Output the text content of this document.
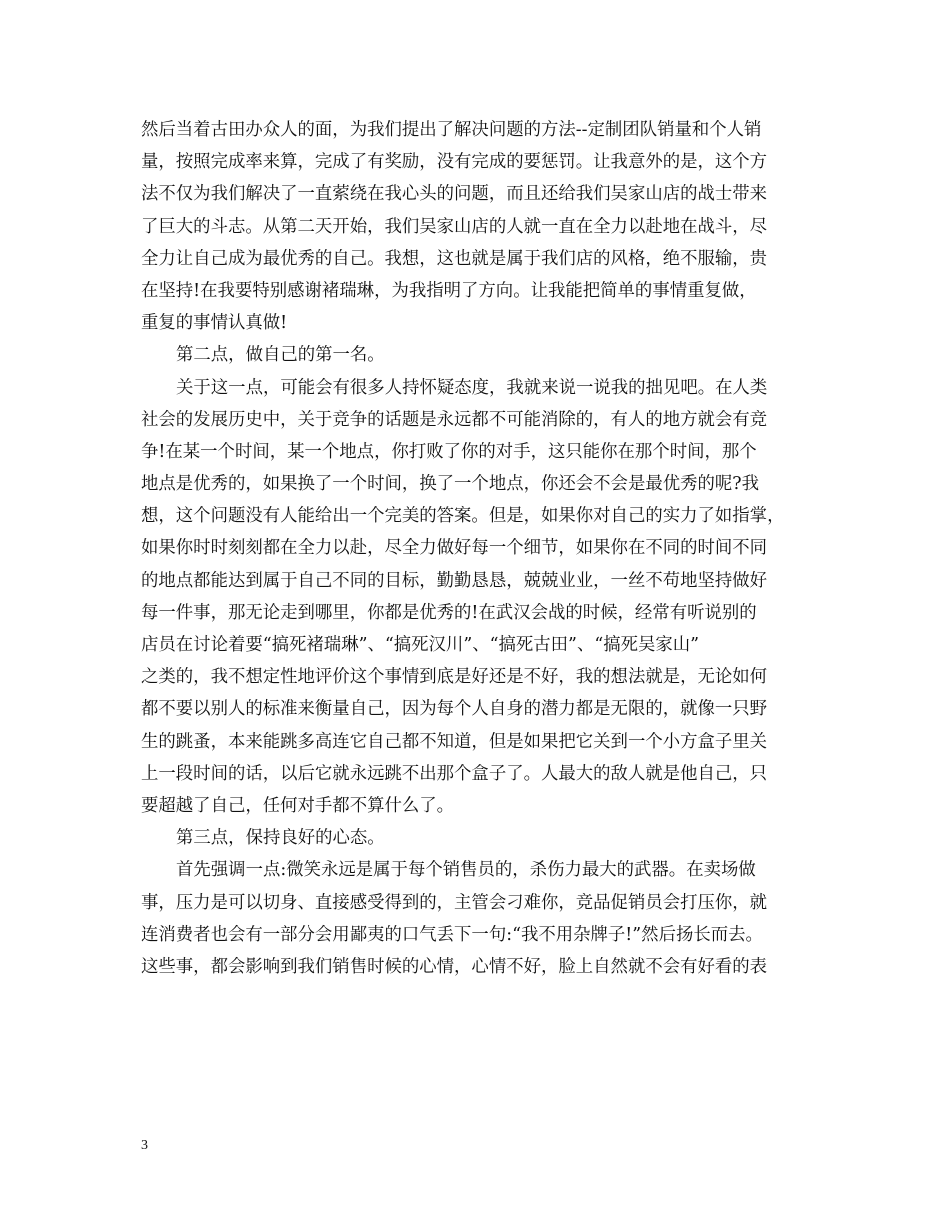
然后当着古田办众人的面，为我们提出了解决问题的方法--定制团队销量和个人销
量，按照完成率来算，完成了有奖励，没有完成的要惩罚。让我意外的是，这个方
法不仅为我们解决了一直萦绕在我心头的问题，而且还给我们吴家山店的战士带来
了巨大的斗志。从第二天开始，我们吴家山店的人就一直在全力以赴地在战斗，尽
全力让自己成为最优秀的自己。我想，这也就是属于我们店的风格，绝不服输，贵
在坚持!在我要特别感谢褚瑞琳，为我指明了方向。让我能把简单的事情重复做，
重复的事情认真做!
第二点，做自己的第一名。
关于这一点，可能会有很多人持怀疑态度，我就来说一说我的拙见吧。在人类
社会的发展历史中，关于竞争的话题是永远都不可能消除的，有人的地方就会有竞
争!在某一个时间，某一个地点，你打败了你的对手，这只能你在那个时间，那个
地点是优秀的，如果换了一个时间，换了一个地点，你还会不会是最优秀的呢?我
想，这个问题没有人能给出一个完美的答案。但是，如果你对自己的实力了如指掌，
如果你时时刻刻都在全力以赴，尽全力做好每一个细节，如果你在不同的时间不同
的地点都能达到属于自己不同的目标，勤勤恳恳，兢兢业业，一丝不苟地坚持做好
每一件事，那无论走到哪里，你都是优秀的!在武汉会战的时候，经常有听说别的
店员在讨论着要“搞死褚瑞琳”、“搞死汉川”、“搞死古田”、“搞死吴家山”
之类的，我不想定性地评价这个事情到底是好还是不好，我的想法就是，无论如何
都不要以别人的标准来衡量自己，因为每个人自身的潜力都是无限的，就像一只野
生的跳蚤，本来能跳多高连它自己都不知道，但是如果把它关到一个小方盒子里关
上一段时间的话，以后它就永远跳不出那个盒子了。人最大的敌人就是他自己，只
要超越了自己，任何对手都不算什么了。
第三点，保持良好的心态。
首先强调一点:微笑永远是属于每个销售员的，杀伤力最大的武器。在卖场做
事，压力是可以切身、直接感受得到的，主管会刁难你，竞品促销员会打压你，就
连消费者也会有一部分会用鄙夷的口气丢下一句:“我不用杂牌子!”然后扬长而去。
这些事，都会影响到我们销售时候的心情，心情不好，脸上自然就不会有好看的表
3
